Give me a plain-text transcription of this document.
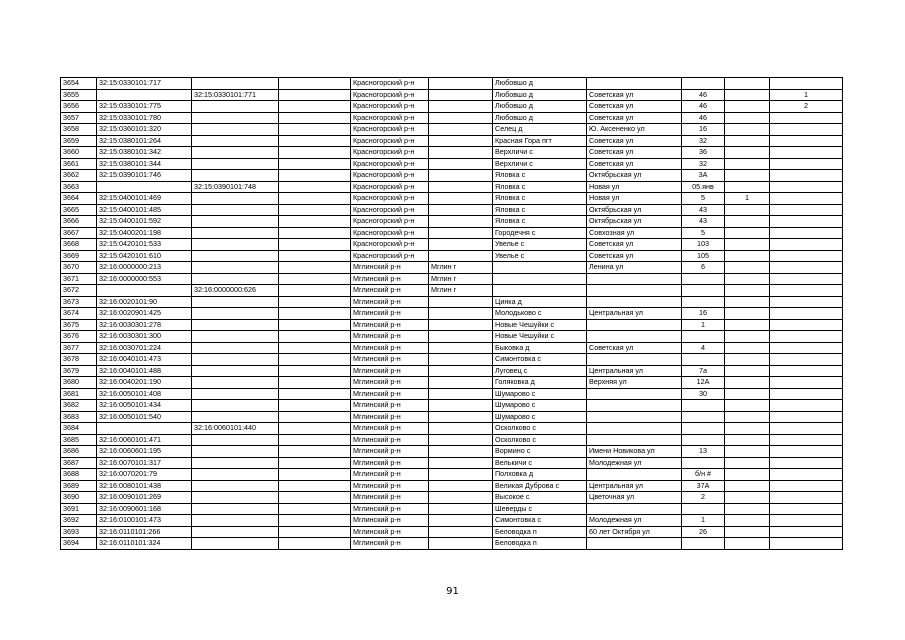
3654	32:15:0330101:717			Красногорский р-н		Любовшо д				
3655		32:15:0330101:771		Красногорский р-н		Любовшо д	Советская ул	46		1
3656	32:15:0330101:775			Красногорский р-н		Любовшо д	Советская ул	46		2
3657	32:15:0330101:780			Красногорский р-н		Любовшо д	Советская ул	46		
3658	32:15:0360101:320			Красногорский р-н		Селец д	Ю. Аксененко ул	16		
3659	32:15:0380101:264			Красногорский р-н		Красная Гора пгт	Советская ул	32		
3660	32:15:0380101:342			Красногорский р-н		Верхличи с	Советская ул	36		
3661	32:15:0380101:344			Красногорский р-н		Верхличи с	Советская ул	32		
3662	32:15:0390101:746			Красногорский р-н		Яловка с	Октябрьская ул	3А		
3663		32:15:0390101:748		Красногорский р-н		Яловка с	Новая ул	05.янв		
3664	32:15:0400101:469			Красногорский р-н		Яловка с	Новая ул	5	1	
3665	32:15:0400101:485			Красногорский р-н		Яловка с	Октябрьская ул	43		
3666	32:15:0400101:592			Красногорский р-н		Яловка с	Октябрьская ул	43		
3667	32:15:0400201:198			Красногорский р-н		Городечня с	Совхозная ул	5		
3668	32:15:0420101:533			Красногорский р-н		Увелье с	Советская ул	103		
3669	32:15:0420101:610			Красногорский р-н		Увелье с	Советская ул	105		
3670	32:16:0000000:213			Мглинский р-н	Мглин г		Ленина ул	6		
3671	32:16:0000000:553			Мглинский р-н	Мглин г					
3672		32:16:0000000:626		Мглинский р-н	Мглин г					
3673	32:16:0020101:90			Мглинский р-н		Цинка д				
3674	32:16:0020901:425			Мглинский р-н		Молодьково с	Центральная ул	16		
3675	32:16:0030301:278			Мглинский р-н		Новые Чешуйки с		1		
3676	32:16:0030301:300			Мглинский р-н		Новые Чешуйки с				
3677	32:16:0030701:224			Мглинский р-н		Быковка д	Советская ул	4		
3678	32:16:0040101:473			Мглинский р-н		Симонтовка с				
3679	32:16:0040101:488			Мглинский р-н		Луговец с	Центральная ул	7а		
3680	32:16:0040201:190			Мглинский р-н		Голяковка д	Верхняя ул	12А		
3681	32:16:0050101:408			Мглинский р-н		Шумарово с		30		
3682	32:16:0050101:434			Мглинский р-н		Шумарово с				
3683	32:16:0050101:540			Мглинский р-н		Шумарово с				
3684		32:16:0060101:440		Мглинский р-н		Осколково с				
3685	32:16:0060101:471			Мглинский р-н		Осколково с				
3686	32:16:0060601:195			Мглинский р-н		Вормино с	Имени Новикова ул	13		
3687	32:16:0070101:317			Мглинский р-н		Велькичи с	Молодежная ул			
3688	32:16:0070201:79			Мглинский р-н		Полховка д		б/н #		
3689	32:16:0080101:438			Мглинский р-н		Великая Дуброва с	Центральная ул	37А		
3690	32:16:0090101:269			Мглинский р-н		Высокое с	Цветочная ул	2		
3691	32:16:0090601:168			Мглинский р-н		Шеверды с				
3692	32:16:0100101:473			Мглинский р-н		Симонтовка с	Молодежная ул	1		
3693	32:16:0110101:266			Мглинский р-н		Беловодка п	60 лет Октября ул	26		
3694	32:16:0110101:324			Мглинский р-н		Беловодка п				
91
